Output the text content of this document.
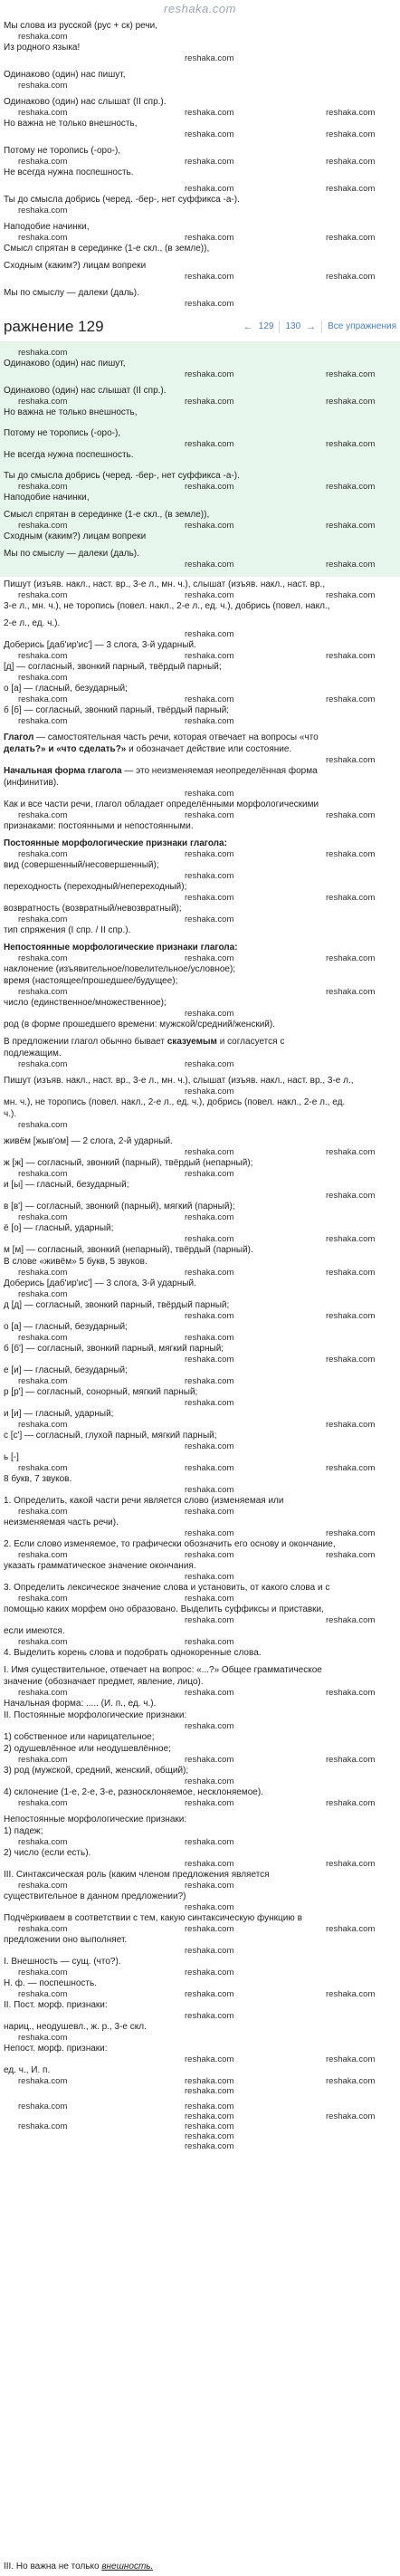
reshaka.com

Мы слова из русской (рус + ск) речи,

reshaka.com

Из родного языка!

reshaka.com

Одинаково (один) нас пишут,

reshaka.com

Одинаково (один) нас слышат (II спр.).

reshaka.com	reshaka.com	reshaka.com

Но важна не только внешность,

reshaka.com	reshaka.com

Потому не торопись (-оро-),

reshaka.com	reshaka.com	reshaka.com

Не всегда нужна поспешность.

reshaka.com	reshaka.com

Ты до смысла добрись (черед. -бер-, нет суффикса -а-).

reshaka.com

Наподобие начинки,

reshaka.com	reshaka.com	reshaka.com

Смысл спрятан в серединке (1-е скл., (в земле)),

Сходным (каким?) лицам вопреки

reshaka.com	reshaka.com

Мы по смыслу — далеки (даль).

reshaka.com
ражнение 129	← 129 130 → Все упражнения
reshaka.com

Одинаково (один) нас пишут,

reshaka.com	reshaka.com

Одинаково (один) нас слышат (II спр.).

reshaka.com	reshaka.com	reshaka.com

Но важна не только внешность,

Потому не торопись (-оро-),

reshaka.com	reshaka.com

Не всегда нужна поспешность.

Ты до смысла добрись (черед. -бер-, нет суффикса -а-).

reshaka.com	reshaka.com	reshaka.com

Наподобие начинки,

Смысл спрятан в серединке (1-е скл., (в земле)),

reshaka.com	reshaka.com	reshaka.com

Сходным (каким?) лицам вопреки

Мы по смыслу — далеки (даль).

reshaka.com	reshaka.com

Пишут (изъяв. накл., наст. вр., 3-е л., мн. ч.), слышат (изъяв. накл., наст. вр.,

reshaka.com	reshaka.com	reshaka.com

3-е л., мн. ч.), не торопись (повел. накл., 2-е л., ед. ч.), добрись (повел. накл.,

2-е л., ед. ч.).

reshaka.com

Доберись [даб'ир'ис'] — 3 слога, 3-й ударный.

reshaka.com	reshaka.com	reshaka.com

[д] — согласный, звонкий парный, твёрдый парный;

reshaka.com

о [а] — гласный, безударный;

reshaka.com	reshaka.com	reshaka.com

б [б] — согласный, звонкий парный, твёрдый парный;

reshaka.com	reshaka.com

Глагол — самостоятельная часть речи, которая отвечает на вопросы «что

делать?» и «что сделать?» и обозначает действие или состояние.

reshaka.com

Начальная форма глагола — это неизменяемая неопределённая форма

(инфинитив).

reshaka.com

Как и все части речи, глагол обладает определёнными морфологическими

reshaka.com	reshaka.com	reshaka.com

признаками: постоянными и непостоянными.

Постоянные морфологические признаки глагола:

reshaka.com	reshaka.com	reshaka.com

вид (совершенный/несовершенный);

reshaka.com

переходность (переходный/непереходный);

reshaka.com	reshaka.com

возвратность (возвратный/невозвратный);

reshaka.com	reshaka.com

тип спряжения (I спр. / II спр.).

Непостоянные морфологические признаки глагола:

reshaka.com	reshaka.com	reshaka.com

наклонение (изъявительное/повелительное/условное);

время (настоящее/прошедшее/будущее);

reshaka.com	reshaka.com

число (единственное/множественное);

reshaka.com

род (в форме прошедшего времени: мужской/средний/женский).

В предложении глагол обычно бывает сказуемым и согласуется с

подлежащим.

reshaka.com	reshaka.com

Пишут (изъяв. накл., наст. вр., 3-е л., мн. ч.), слышат (изъяв. накл., наст. вр., 3-е л.,

reshaka.com

мн. ч.), не торопись (повел. накл., 2-е л., ед. ч.), добрись (повел. накл., 2-е л., ед.

ч.).

reshaka.com

живём [жыв'ом] — 2 слога, 2-й ударный.

reshaka.com	reshaka.com

ж [ж] — согласный, звонкий (парный), твёрдый (непарный);

reshaka.com	reshaka.com

и [ы] — гласный, безударный;

reshaka.com

в [в'] — согласный, звонкий (парный), мягкий (парный);

reshaka.com	reshaka.com

ё [о] — гласный, ударный;

reshaka.com	reshaka.com

м [м] — согласный, звонкий (непарный), твёрдый (парный).

В слове «живём» 5 букв, 5 звуков.

reshaka.com	reshaka.com	reshaka.com

Доберись [даб'ир'ис'] — 3 слога, 3-й ударный.

reshaka.com

д [д] — согласный, звонкий парный, твёрдый парный;

reshaka.com	reshaka.com

о [а] — гласный, безударный;

reshaka.com	reshaka.com

б [б'] — согласный, звонкий парный, мягкий парный;

reshaka.com	reshaka.com

е [и] — гласный, безударный;

reshaka.com	reshaka.com

р [р'] — согласный, сонорный, мягкий парный;

reshaka.com

и [и] — гласный, ударный;

reshaka.com	reshaka.com

с [с'] — согласный, глухой парный, мягкий парный;

reshaka.com

ь [-]

reshaka.com	reshaka.com	reshaka.com

8 букв, 7 звуков.

reshaka.com

1. Определить, какой части речи является слово (изменяемая или

reshaka.com	reshaka.com

неизменяемая часть речи).

reshaka.com	reshaka.com

2. Если слово изменяемое, то графически обозначить его основу и окончание,

reshaka.com	reshaka.com	reshaka.com

указать грамматическое значение окончания.

reshaka.com

3. Определить лексическое значение слова и установить, от какого слова и с

reshaka.com	reshaka.com

помощью каких морфем оно образовано. Выделить суффиксы и приставки,

reshaka.com	reshaka.com

если имеются.

reshaka.com	reshaka.com

4. Выделить корень слова и подобрать однокоренные слова.

I. Имя существительное, отвечает на вопрос: «...?» Общее грамматическое

значение (обозначает предмет, явление, лицо).

reshaka.com	reshaka.com	reshaka.com

Начальная форма: ..... (И. п., ед. ч.).

II. Постоянные морфологические признаки:

reshaka.com

1) собственное или нарицательное;

2) одушевлённое или неодушевлённое;

reshaka.com	reshaka.com	reshaka.com

3) род (мужской, средний, женский, общий);

reshaka.com

4) склонение (1-е, 2-е, 3-е, разносклоняемое, несклоняемое).

reshaka.com	reshaka.com	reshaka.com

Непостоянные морфологические признаки:

1) падеж;

reshaka.com	reshaka.com

2) число (если есть).

reshaka.com	reshaka.com

III. Синтаксическая роль (каким членом предложения является

reshaka.com	reshaka.com

существительное в данном предложении?)

reshaka.com

Подчёркиваем в соответствии с тем, какую синтаксическую функцию в

reshaka.com	reshaka.com	reshaka.com

предложении оно выполняет.

reshaka.com

I. Внешность — сущ. (что?).

reshaka.com	reshaka.com

Н. ф. — поспешность.

reshaka.com	reshaka.com	reshaka.com

II. Пост. морф. признаки:

reshaka.com

нариц., неодушевл., ж. р., 3-е скл.

reshaka.com

Непост. морф. признаки:

reshaka.com	reshaka.com

ед. ч., И. п.

reshaka.com	reshaka.com	reshaka.com

reshaka.com

reshaka.com	reshaka.com

reshaka.com	reshaka.com

reshaka.com	reshaka.com

reshaka.com

reshaka.com

III. Но важна не только внешность.
